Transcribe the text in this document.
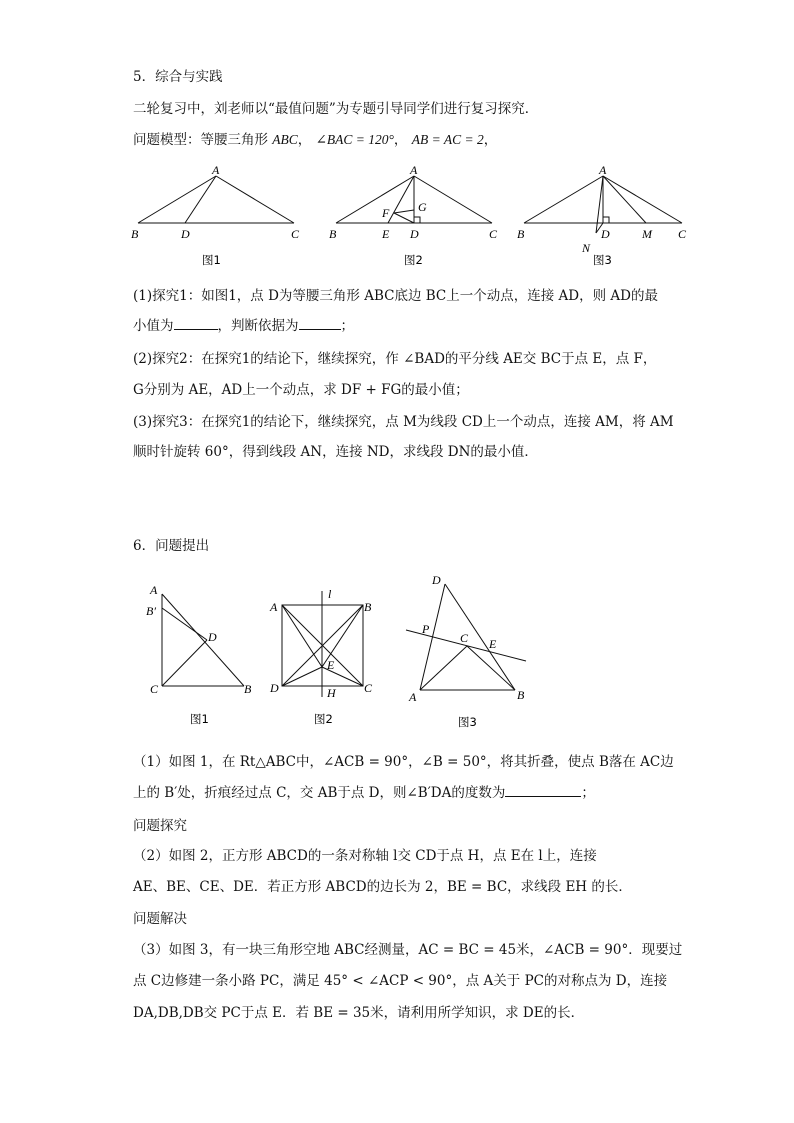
5．综合与实践
二轮复习中，刘老师以“最值问题”为专题引导同学们进行复习探究．
问题模型：等腰三角形 ABC， ∠BAC = 120°， AB = AC = 2，
A
B	D	C
图1
A
B	E D	C
F G
图2
A
B	D	M C
N
图3
(1)探究1：如图1，点 D为等腰三角形 ABC底边 BC上一个动点，连接 AD，则 AD的最
小值为	，判断依据为	；
(2)探究2：在探究1的结论下，继续探究，作 ∠BAD的平分线 AE交 BC于点 E，点 F，
G分别为 AE，AD上一个动点，求 DF + FG的最小值；
(3)探究3：在探究1的结论下，继续探究，点 M为线段 CD上一个动点，连接 AM，将 AM
顺时针旋转 60°，得到线段 AN，连接 ND，求线段 DN的最小值．
6．问题提出
A
B′
D
C	B
图1
A
l
B
E
D	H C
图2
D
P
C E
A	B
图3
（1）如图 1，在 Rt△ABC中，∠ACB = 90°，∠B = 50°，将其折叠，使点 B落在 AC边
上的 B′处，折痕经过点 C，交 AB于点 D，则∠B′DA的度数为	；
问题探究
（2）如图 2，正方形 ABCD的一条对称轴 l交 CD于点 H，点 E在 l上，连接
AE、BE、CE、DE．若正方形 ABCD的边长为 2，BE = BC，求线段 EH 的长．
问题解决
（3）如图 3，有一块三角形空地 ABC经测量，AC = BC = 45米，∠ACB = 90°．现要过
点 C边修建一条小路 PC，满足 45° < ∠ACP < 90°，点 A关于 PC的对称点为 D，连接
DA,DB,DB交 PC于点 E．若 BE = 35米，请利用所学知识，求 DE的长．
